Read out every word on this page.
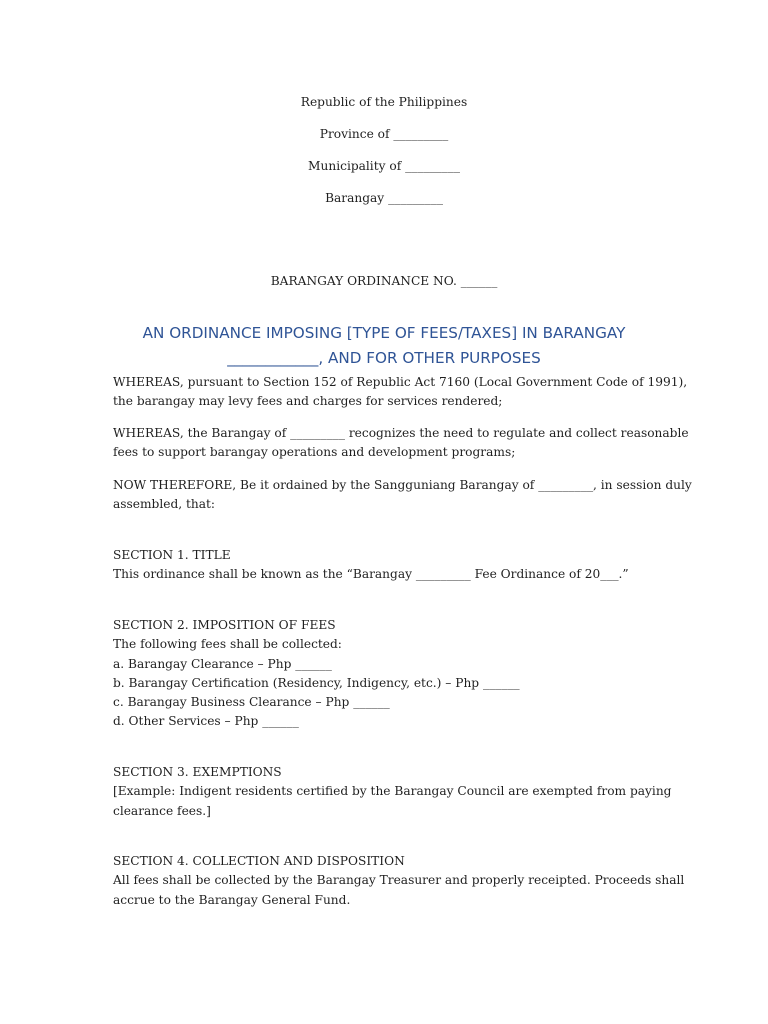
Republic of the Philippines
Province of _________
Municipality of _________
Barangay _________
BARANGAY ORDINANCE NO. ______
AN ORDINANCE IMPOSING [TYPE OF FEES/TAXES] IN BARANGAY
____________, AND FOR OTHER PURPOSES
WHEREAS, pursuant to Section 152 of Republic Act 7160 (Local Government Code of 1991),
the barangay may levy fees and charges for services rendered;
WHEREAS, the Barangay of _________ recognizes the need to regulate and collect reasonable
fees to support barangay operations and development programs;
NOW THEREFORE, Be it ordained by the Sangguniang Barangay of _________, in session duly
assembled, that:
SECTION 1. TITLE
This ordinance shall be known as the “Barangay _________ Fee Ordinance of 20___.”
SECTION 2. IMPOSITION OF FEES
The following fees shall be collected:
a. Barangay Clearance – Php ______
b. Barangay Certification (Residency, Indigency, etc.) – Php ______
c. Barangay Business Clearance – Php ______
d. Other Services – Php ______
SECTION 3. EXEMPTIONS
[Example: Indigent residents certified by the Barangay Council are exempted from paying
clearance fees.]
SECTION 4. COLLECTION AND DISPOSITION
All fees shall be collected by the Barangay Treasurer and properly receipted. Proceeds shall
accrue to the Barangay General Fund.
